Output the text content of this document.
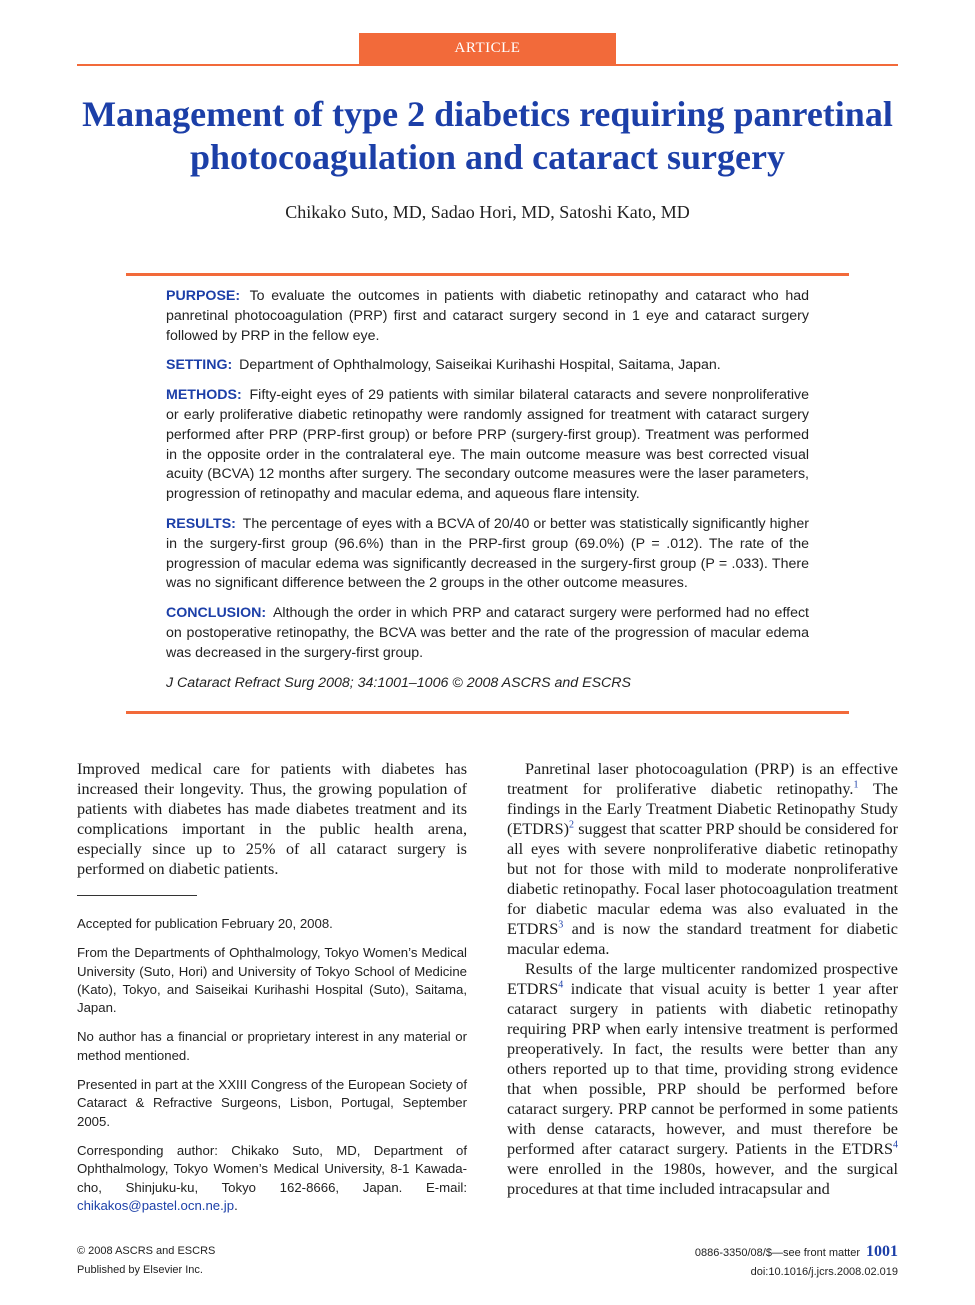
ARTICLE
Management of type 2 diabetics requiring panretinal photocoagulation and cataract surgery
Chikako Suto, MD, Sadao Hori, MD, Satoshi Kato, MD

PURPOSE: To evaluate the outcomes in patients with diabetic retinopathy and cataract who had panretinal photocoagulation (PRP) first and cataract surgery second in 1 eye and cataract surgery followed by PRP in the fellow eye.

SETTING: Department of Ophthalmology, Saiseikai Kurihashi Hospital, Saitama, Japan.

METHODS: Fifty-eight eyes of 29 patients with similar bilateral cataracts and severe nonproliferative or early proliferative diabetic retinopathy were randomly assigned for treatment with cataract surgery performed after PRP (PRP-first group) or before PRP (surgery-first group). Treatment was performed in the opposite order in the contralateral eye. The main outcome measure was best corrected visual acuity (BCVA) 12 months after surgery. The secondary outcome measures were the laser parameters, progression of retinopathy and macular edema, and aqueous flare intensity.

RESULTS: The percentage of eyes with a BCVA of 20/40 or better was statistically significantly higher in the surgery-first group (96.6%) than in the PRP-first group (69.0%) (P = .012). The rate of the progression of macular edema was significantly decreased in the surgery-first group (P = .033). There was no significant difference between the 2 groups in the other outcome measures.

CONCLUSION: Although the order in which PRP and cataract surgery were performed had no effect on postoperative retinopathy, the BCVA was better and the rate of the progression of macular edema was decreased in the surgery-first group.

J Cataract Refract Surg 2008; 34:1001–1006 © 2008 ASCRS and ESCRS

Improved medical care for patients with diabetes has increased their longevity. Thus, the growing population of patients with diabetes has made diabetes treatment and its complications important in the public health arena, especially since up to 25% of all cataract surgery is performed on diabetic patients.

Accepted for publication February 20, 2008.

From the Departments of Ophthalmology, Tokyo Women’s Medical University (Suto, Hori) and University of Tokyo School of Medicine (Kato), Tokyo, and Saiseikai Kurihashi Hospital (Suto), Saitama, Japan.

No author has a financial or proprietary interest in any material or method mentioned.

Presented in part at the XXIII Congress of the European Society of Cataract & Refractive Surgeons, Lisbon, Portugal, September 2005.

Corresponding author: Chikako Suto, MD, Department of Ophthalmology, Tokyo Women’s Medical University, 8-1 Kawada-cho, Shinjuku-ku, Tokyo 162-8666, Japan. E-mail: chikakos@pastel.ocn.ne.jp.

Panretinal laser photocoagulation (PRP) is an effective treatment for proliferative diabetic retinopathy.$^1$ The findings in the Early Treatment Diabetic Retinopathy Study (ETDRS)$^2$ suggest that scatter PRP should be considered for all eyes with severe nonproliferative diabetic retinopathy but not for those with mild to moderate nonproliferative diabetic retinopathy. Focal laser photocoagulation treatment for diabetic macular edema was also evaluated in the ETDRS$^3$ and is now the standard treatment for diabetic macular edema.

Results of the large multicenter randomized prospective ETDRS$^4$ indicate that visual acuity is better 1 year after cataract surgery in patients with diabetic retinopathy requiring PRP when early intensive treatment is performed preoperatively. In fact, the results were better than any others reported up to that time, providing strong evidence that when possible, PRP should be performed before cataract surgery. PRP cannot be performed in some patients with dense cataracts, however, and must therefore be performed after cataract surgery. Patients in the ETDRS$^4$ were enrolled in the 1980s, however, and the surgical procedures at that time included intracapsular and

© 2008 ASCRS and ESCRS
Published by Elsevier Inc.
0886-3350/08/$—see front matter 1001
doi:10.1016/j.jcrs.2008.02.019
